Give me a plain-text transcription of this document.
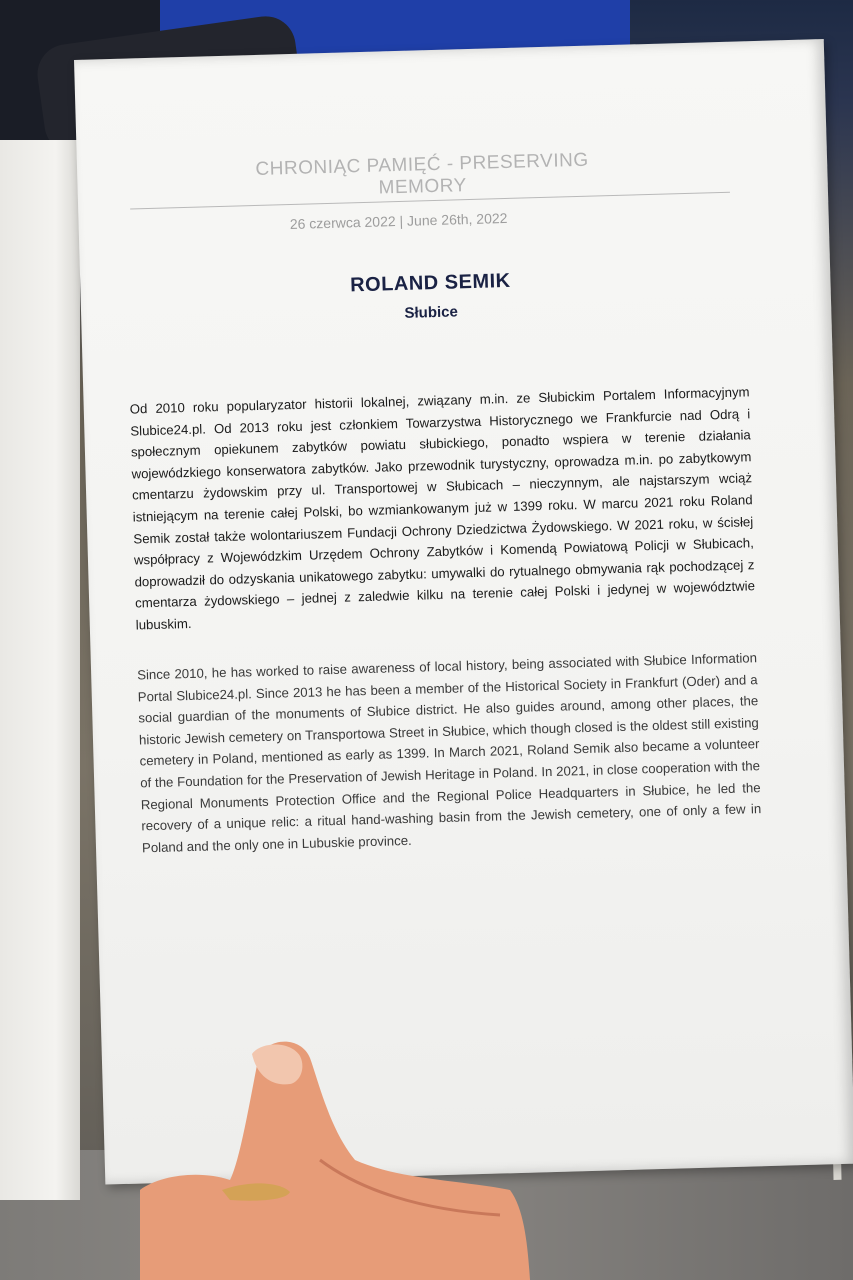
CHRONIĄC PAMIĘĆ - PRESERVING MEMORY
26 czerwca 2022 | June 26th, 2022
ROLAND SEMIK
Słubice
Od 2010 roku popularyzator historii lokalnej, związany m.in. ze Słubickim Portalem Informacyjnym Slubice24.pl. Od 2013 roku jest członkiem Towarzystwa Historycznego we Frankfurcie nad Odrą i społecznym opiekunem zabytków powiatu słubickiego, ponadto wspiera w terenie działania wojewódzkiego konserwatora zabytków. Jako przewodnik turystyczny, oprowadza m.in. po zabytkowym cmentarzu żydowskim przy ul. Transportowej w Słubicach – nieczynnym, ale najstarszym wciąż istniejącym na terenie całej Polski, bo wzmiankowanym już w 1399 roku. W marcu 2021 roku Roland Semik został także wolontariuszem Fundacji Ochrony Dziedzictwa Żydowskiego. W 2021 roku, w ścisłej współpracy z Wojewódzkim Urzędem Ochrony Zabytków i Komendą Powiatową Policji w Słubicach, doprowadził do odzyskania unikatowego zabytku: umywalki do rytualnego obmywania rąk pochodzącej z cmentarza żydowskiego – jednej z zaledwie kilku na terenie całej Polski i jedynej w województwie lubuskim.
Since 2010, he has worked to raise awareness of local history, being associated with Słubice Information Portal Slubice24.pl. Since 2013 he has been a member of the Historical Society in Frankfurt (Oder) and a social guardian of the monuments of Słubice district. He also guides around, among other places, the historic Jewish cemetery on Transportowa Street in Słubice, which though closed is the oldest still existing cemetery in Poland, mentioned as early as 1399. In March 2021, Roland Semik also became a volunteer of the Foundation for the Preservation of Jewish Heritage in Poland. In 2021, in close cooperation with the Regional Monuments Protection Office and the Regional Police Headquarters in Słubice, he led the recovery of a unique relic: a ritual hand-washing basin from the Jewish cemetery, one of only a few in Poland and the only one in Lubuskie province.
